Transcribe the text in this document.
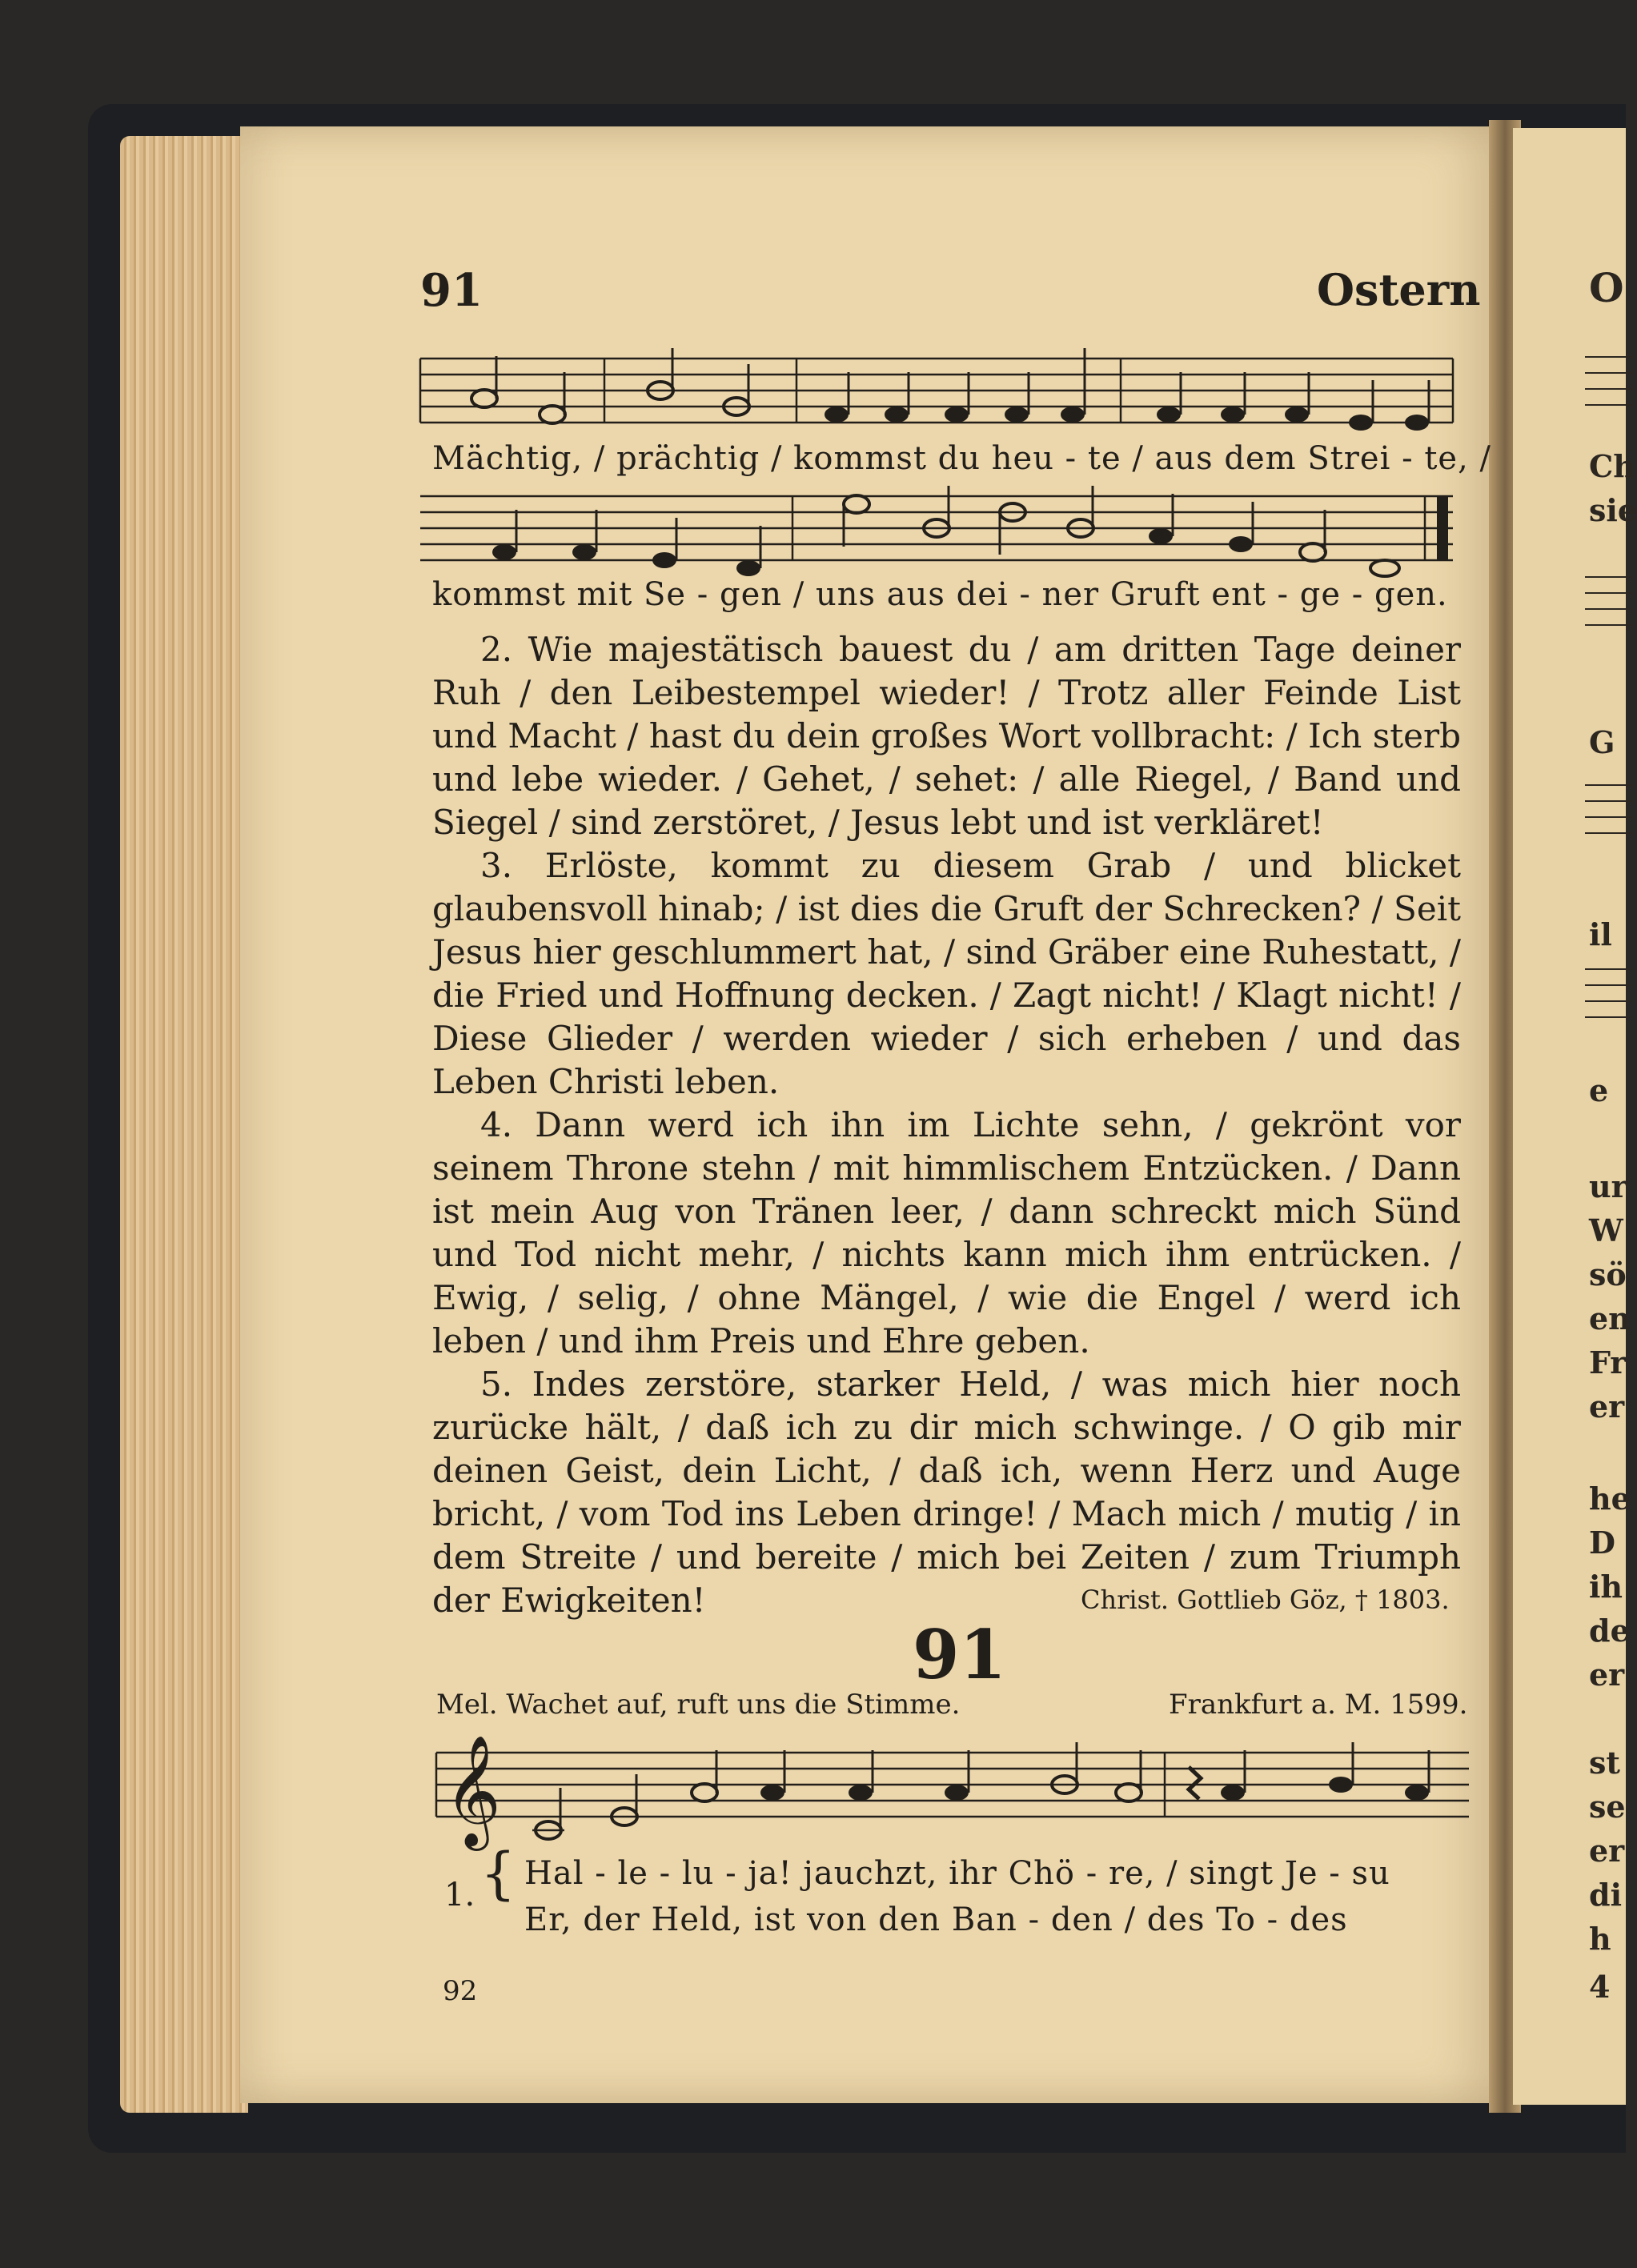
O
Ch
sie
G
il
e
ur
W
sö
en
Fr
er
he
D
ih
de
er
st
se
er
di
h
4
91	Ostern
Mächtig, / prächtig / kommst du heu - te / aus dem Strei - te, /
kommst mit Se - gen / uns aus dei - ner Gruft ent - ge - gen.

2. Wie majestätisch bauest du / am dritten Tage deiner Ruh / den Leibestempel wieder! / Trotz aller Feinde List und Macht / hast du dein großes Wort vollbracht: / Ich sterb und lebe wieder. / Gehet, / sehet: / alle Riegel, / Band und Siegel / sind zerstöret, / Jesus lebt und ist verkläret!

3. Erlöste, kommt zu diesem Grab / und blicket glaubensvoll hinab; / ist dies die Gruft der Schrecken? / Seit Jesus hier geschlummert hat, / sind Gräber eine Ruhestatt, / die Fried und Hoffnung decken. / Zagt nicht! / Klagt nicht! / Diese Glieder / werden wieder / sich erheben / und das Leben Christi leben.

4. Dann werd ich ihn im Lichte sehn, / gekrönt vor seinem Throne stehn / mit himmlischem Entzücken. / Dann ist mein Aug von Tränen leer, / dann schreckt mich Sünd und Tod nicht mehr, / nichts kann mich ihm entrücken. / Ewig, / selig, / ohne Mängel, / wie die Engel / werd ich leben / und ihm Preis und Ehre geben.

5. Indes zerstöre, starker Held, / was mich hier noch zurücke hält, / daß ich zu dir mich schwinge. / O gib mir deinen Geist, dein Licht, / daß ich, wenn Herz und Auge bricht, / vom Tod ins Leben dringe! / Mach mich / mutig / in dem Streite / und bereite / mich bei Zeiten / zum Triumph der Ewigkeiten!	Christ. Gottlieb Göz, † 1803.
91
Mel. Wachet auf, ruft uns die Stimme.	Frankfurt a. M. 1599.
𝄞
1. { Hal - le - lu - ja! jauchzt, ihr Chö - re, / singt Je - su
Er, der Held, ist von den Ban - den / des To - des
92
